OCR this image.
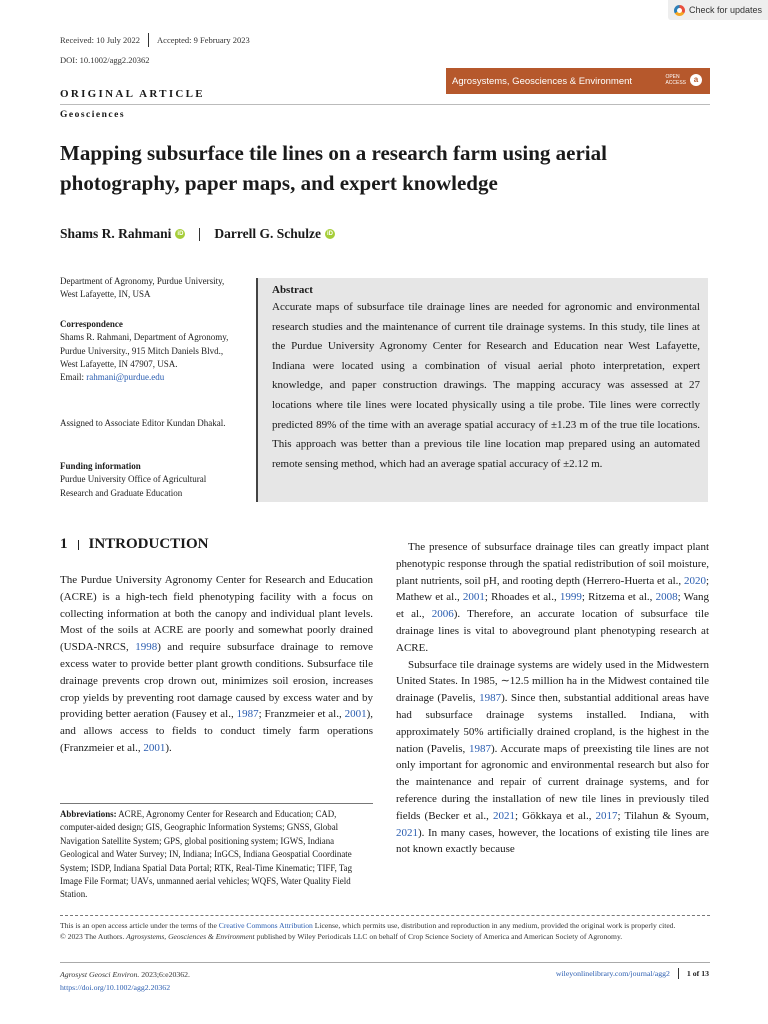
Check for updates
Received: 10 July 2022 Accepted: 9 February 2023
DOI: 10.1002/agg2.20362
Agrosystems, Geosciences & Environment	OPEN
ACCESS a
ORIGINAL ARTICLE
Geosciences
Mapping subsurface tile lines on a research farm using aerial photography, paper maps, and expert knowledge
Shams R. Rahmani	iD Darrell G. Schulze	iD
Department of Agronomy, Purdue University, West Lafayette, IN, USA
Correspondence
Shams R. Rahmani, Department of Agronomy, Purdue University., 915 Mitch Daniels Blvd., West Lafayette, IN 47907, USA.
Email: rahmani@purdue.edu
Assigned to Associate Editor Kundan Dhakal.
Funding information
Purdue University Office of Agricultural Research and Graduate Education
Abstract
Accurate maps of subsurface tile drainage lines are needed for agronomic and environmental research studies and the maintenance of current tile drainage systems. In this study, tile lines at the Purdue University Agronomy Center for Research and Education near West Lafayette, Indiana were located using a combination of visual aerial photo interpretation, expert knowledge, and paper construction drawings. The mapping accuracy was assessed at 27 locations where tile lines were located physically using a tile probe. Tile lines were correctly predicted 89% of the time with an average spatial accuracy of ±1.23 m of the true tile locations. This approach was better than a previous tile line location map prepared using an automated remote sensing method, which had an average spatial accuracy of ±2.12 m.
1 INTRODUCTION
The Purdue University Agronomy Center for Research and Education (ACRE) is a high-tech field phenotyping facility with a focus on collecting information at both the canopy and individual plant levels. Most of the soils at ACRE are poorly and somewhat poorly drained (USDA-NRCS, 1998) and require subsurface drainage to remove excess water to provide better plant growth conditions. Subsurface tile drainage prevents crop drown out, minimizes soil erosion, increases crop yields by preventing root damage caused by excess water and by providing better aeration (Fausey et al., 1987; Franzmeier et al., 2001), and allows access to fields to conduct timely farm operations (Franzmeier et al., 2001).
The presence of subsurface drainage tiles can greatly impact plant phenotypic response through the spatial redistribution of soil moisture, plant nutrients, soil pH, and rooting depth (Herrero-Huerta et al., 2020; Mathew et al., 2001; Rhoades et al., 1999; Ritzema et al., 2008; Wang et al., 2006). Therefore, an accurate location of subsurface tile drainage lines is vital to aboveground plant phenotyping research at ACRE.
Subsurface tile drainage systems are widely used in the Midwestern United States. In 1985, ∼12.5 million ha in the Midwest contained tile drainage (Pavelis, 1987). Since then, substantial additional areas have had subsurface drainage systems installed. Indiana, with approximately 50% artificially drained cropland, is the highest in the nation (Pavelis, 1987). Accurate maps of preexisting tile lines are not only important for agronomic and environmental research but also for the maintenance and repair of current drainage systems, and for reference during the installation of new tile lines in previously tiled fields (Becker et al., 2021; Gökkaya et al., 2017; Tilahun & Syoum, 2021). In many cases, however, the locations of existing tile lines are not known exactly because
Abbreviations: ACRE, Agronomy Center for Research and Education; CAD, computer-aided design; GIS, Geographic Information Systems; GNSS, Global Navigation Satellite System; GPS, global positioning system; IGWS, Indiana Geological and Water Survey; IN, Indiana; InGCS, Indiana Geospatial Coordinate System; ISDP, Indiana Spatial Data Portal; RTK, Real-Time Kinematic; TIFF, Tag Image File Format; UAVs, unmanned aerial vehicles; WQFS, Water Quality Field Station.
This is an open access article under the terms of the Creative Commons Attribution License, which permits use, distribution and reproduction in any medium, provided the original work is properly cited.
© 2023 The Authors. Agrosystems, Geosciences & Environment published by Wiley Periodicals LLC on behalf of Crop Science Society of America and American Society of Agronomy.
Agrosyst Geosci Environ. 2023;6:e20362.
https://doi.org/10.1002/agg2.20362
wileyonlinelibrary.com/journal/agg2 1 of 13
